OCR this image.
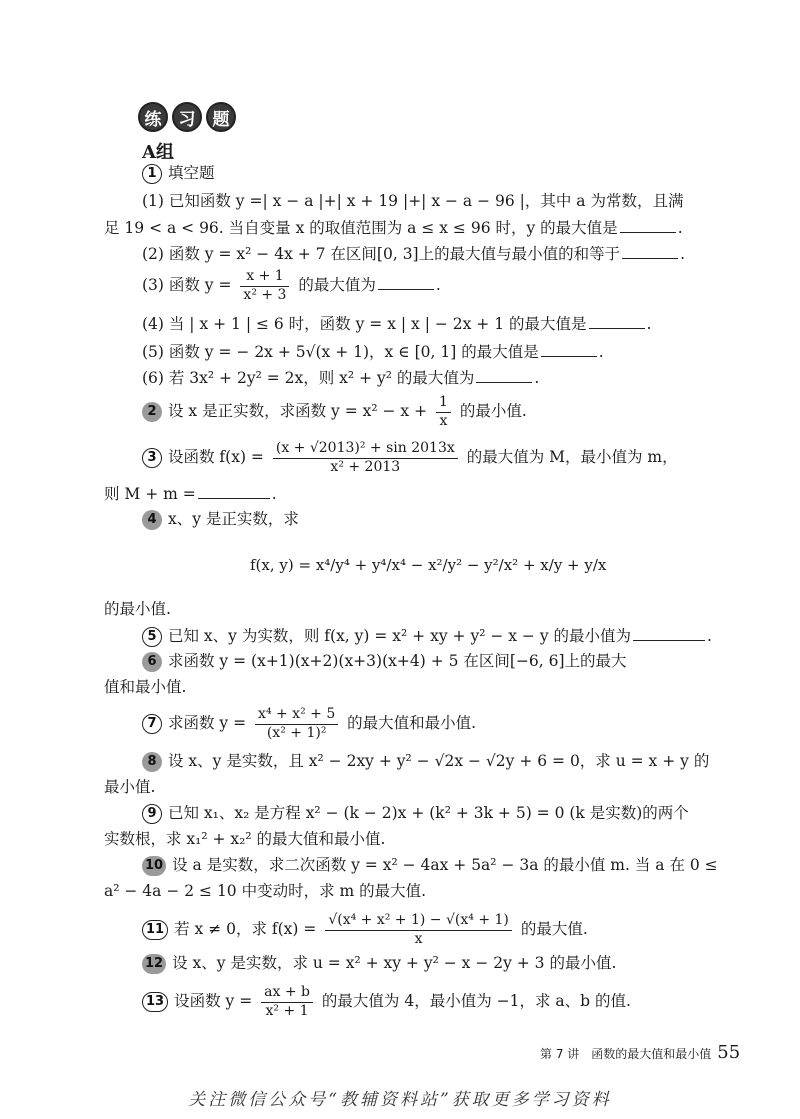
练	习	题
A组
1 填空题
(1) 已知函数 y =| x − a |+| x + 19 |+| x − a − 96 |，其中 a 为常数，且满
足 19 < a < 96. 当自变量 x 的取值范围为 a ≤ x ≤ 96 时，y 的最大值是	.
(2) 函数 y = x² − 4x + 7 在区间[0, 3]上的最大值与最小值的和等于	.
(3) 函数 $y = \frac{x + 1}{\text{x² + 3}}$ 的最大值为	.
(4) 当 | x + 1 | ≤ 6 时，函数 y = x | x | − 2x + 1 的最大值是	.
(5) 函数 y = − 2x + 5√(x + 1)，x ∈ [0, 1] 的最大值是	.
(6) 若 3x² + 2y² = 2x，则 x² + y² 的最大值为	.
2 设 x 是正实数，求函数 $y = x^2 - x + \frac{1}{x}$ 的最小值.
3 设函数 $f(x) = \frac{\text{(x + √2013)² + sin 2013x}}{\text{x² + 2013}}$ 的最大值为 M，最小值为 m，
则 M + m =	.
4 x、y 是正实数，求
f(x, y) = x⁴/y⁴ + y⁴/x⁴ − x²/y² − y²/x² + x/y + y/x
的最小值.
5 已知 x、y 为实数，则 f(x, y) = x² + xy + y² − x − y 的最小值为	.
6 求函数 y = (x+1)(x+2)(x+3)(x+4) + 5 在区间[−6, 6]上的最大
值和最小值.
7 求函数 $y = \frac{\text{x⁴ + x² + 5}}{\text{(x² + 1)²}}$ 的最大值和最小值.
8 设 x、y 是实数，且 x² − 2xy + y² − √2x − √2y + 6 = 0，求 u = x + y 的
最小值.
9 已知 x₁、x₂ 是方程 x² − (k − 2)x + (k² + 3k + 5) = 0 (k 是实数)的两个
实数根，求 x₁² + x₂² 的最大值和最小值.
10 设 a 是实数，求二次函数 y = x² − 4ax + 5a² − 3a 的最小值 m. 当 a 在 0 ≤
a² − 4a − 2 ≤ 10 中变动时，求 m 的最大值.
11 若 x ≠ 0，求 $f(x) = \frac{\text{√(x⁴ + x² + 1) − √(x⁴ + 1)}}{x}$ 的最大值.
12 设 x、y 是实数，求 u = x² + xy + y² − x − 2y + 3 的最小值.
13 设函数 $y = \frac{ax + b}{\text{x² + 1}}$ 的最大值为 4，最小值为 −1，求 a、b 的值.
第 7 讲　函数的最大值和最小值 55
关注微信公众号“教辅资料站”获取更多学习资料
